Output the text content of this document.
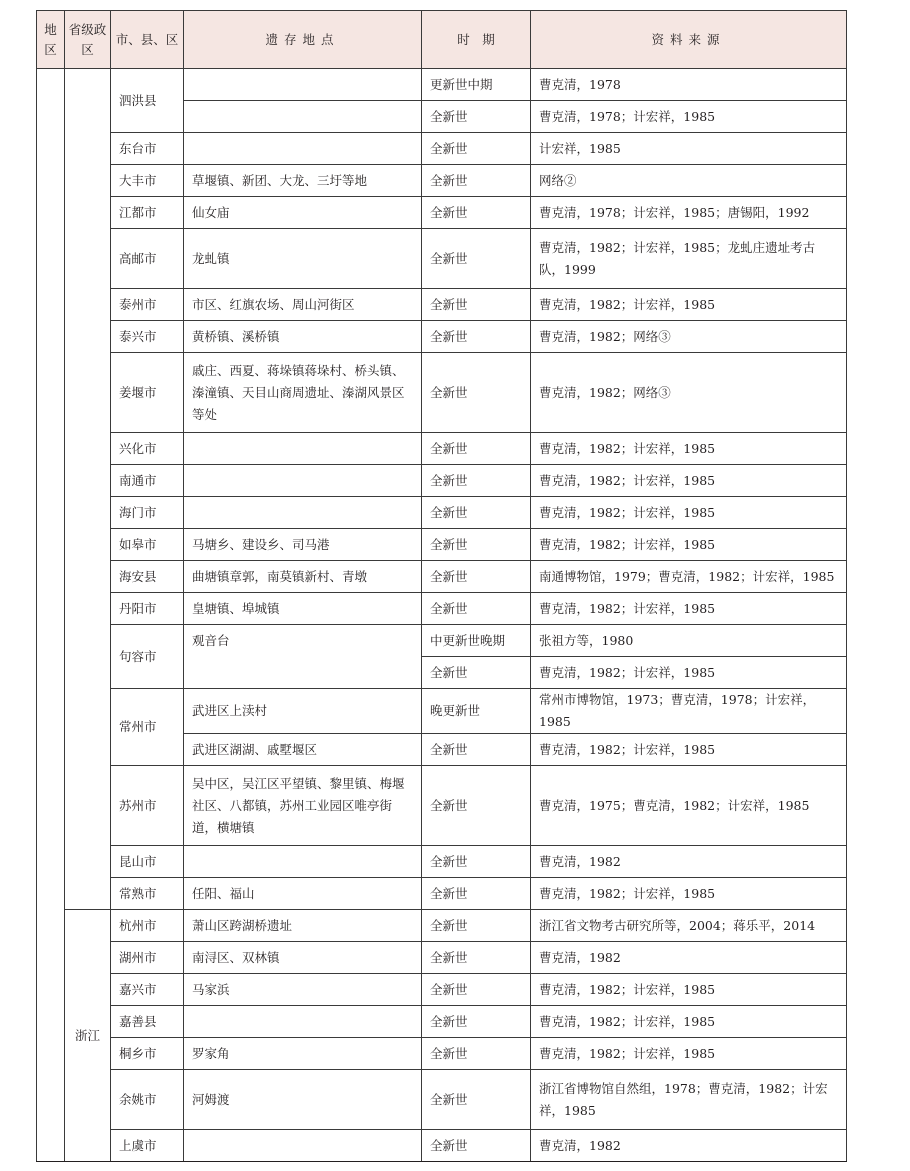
地区	省级政区	市、县、区	遗存地点	时　期	资料来源
		泗洪县		更新世中期	曹克清，1978
				全新世	曹克清，1978；计宏祥，1985
		东台市		全新世	计宏祥，1985
		大丰市	草堰镇、新团、大龙、三圩等地	全新世	网络②
		江都市	仙女庙	全新世	曹克清，1978；计宏祥，1985；唐锡阳，1992
		高邮市	龙虬镇	全新世	曹克清，1982；计宏祥，1985；龙虬庄遗址考古队，1999
		泰州市	市区、红旗农场、周山河街区	全新世	曹克清，1982；计宏祥，1985
		泰兴市	黄桥镇、溪桥镇	全新世	曹克清，1982；网络③
		姜堰市	戚庄、西夏、蒋垛镇蒋垛村、桥头镇、溱潼镇、天目山商周遗址、溱湖风景区等处	全新世	曹克清，1982；网络③
		兴化市		全新世	曹克清，1982；计宏祥，1985
		南通市		全新世	曹克清，1982；计宏祥，1985
		海门市		全新世	曹克清，1982；计宏祥，1985
		如皋市	马塘乡、建设乡、司马港	全新世	曹克清，1982；计宏祥，1985
		海安县	曲塘镇章郭，南莫镇新村、青墩	全新世	南通博物馆，1979；曹克清，1982；计宏祥，1985
		丹阳市	皇塘镇、埠城镇	全新世	曹克清，1982；计宏祥，1985
		句容市	观音台	中更新世晚期	张祖方等，1980
				全新世	曹克清，1982；计宏祥，1985
		常州市	武进区上渎村	晚更新世	常州市博物馆，1973；曹克清，1978；计宏祥，1985
			武进区湖湖、戚墅堰区	全新世	曹克清，1982；计宏祥，1985
		苏州市	吴中区，吴江区平望镇、黎里镇、梅堰社区、八都镇，苏州工业园区唯亭街道，横塘镇	全新世	曹克清，1975；曹克清，1982；计宏祥，1985
		昆山市		全新世	曹克清，1982
		常熟市	任阳、福山	全新世	曹克清，1982；计宏祥，1985
	浙江	杭州市	萧山区跨湖桥遗址	全新世	浙江省文物考古研究所等，2004；蒋乐平，2014
		湖州市	南浔区、双林镇	全新世	曹克清，1982
		嘉兴市	马家浜	全新世	曹克清，1982；计宏祥，1985
		嘉善县		全新世	曹克清，1982；计宏祥，1985
		桐乡市	罗家角	全新世	曹克清，1982；计宏祥，1985
		余姚市	河姆渡	全新世	浙江省博物馆自然组，1978；曹克清，1982；计宏祥，1985
		上虞市		全新世	曹克清，1982
